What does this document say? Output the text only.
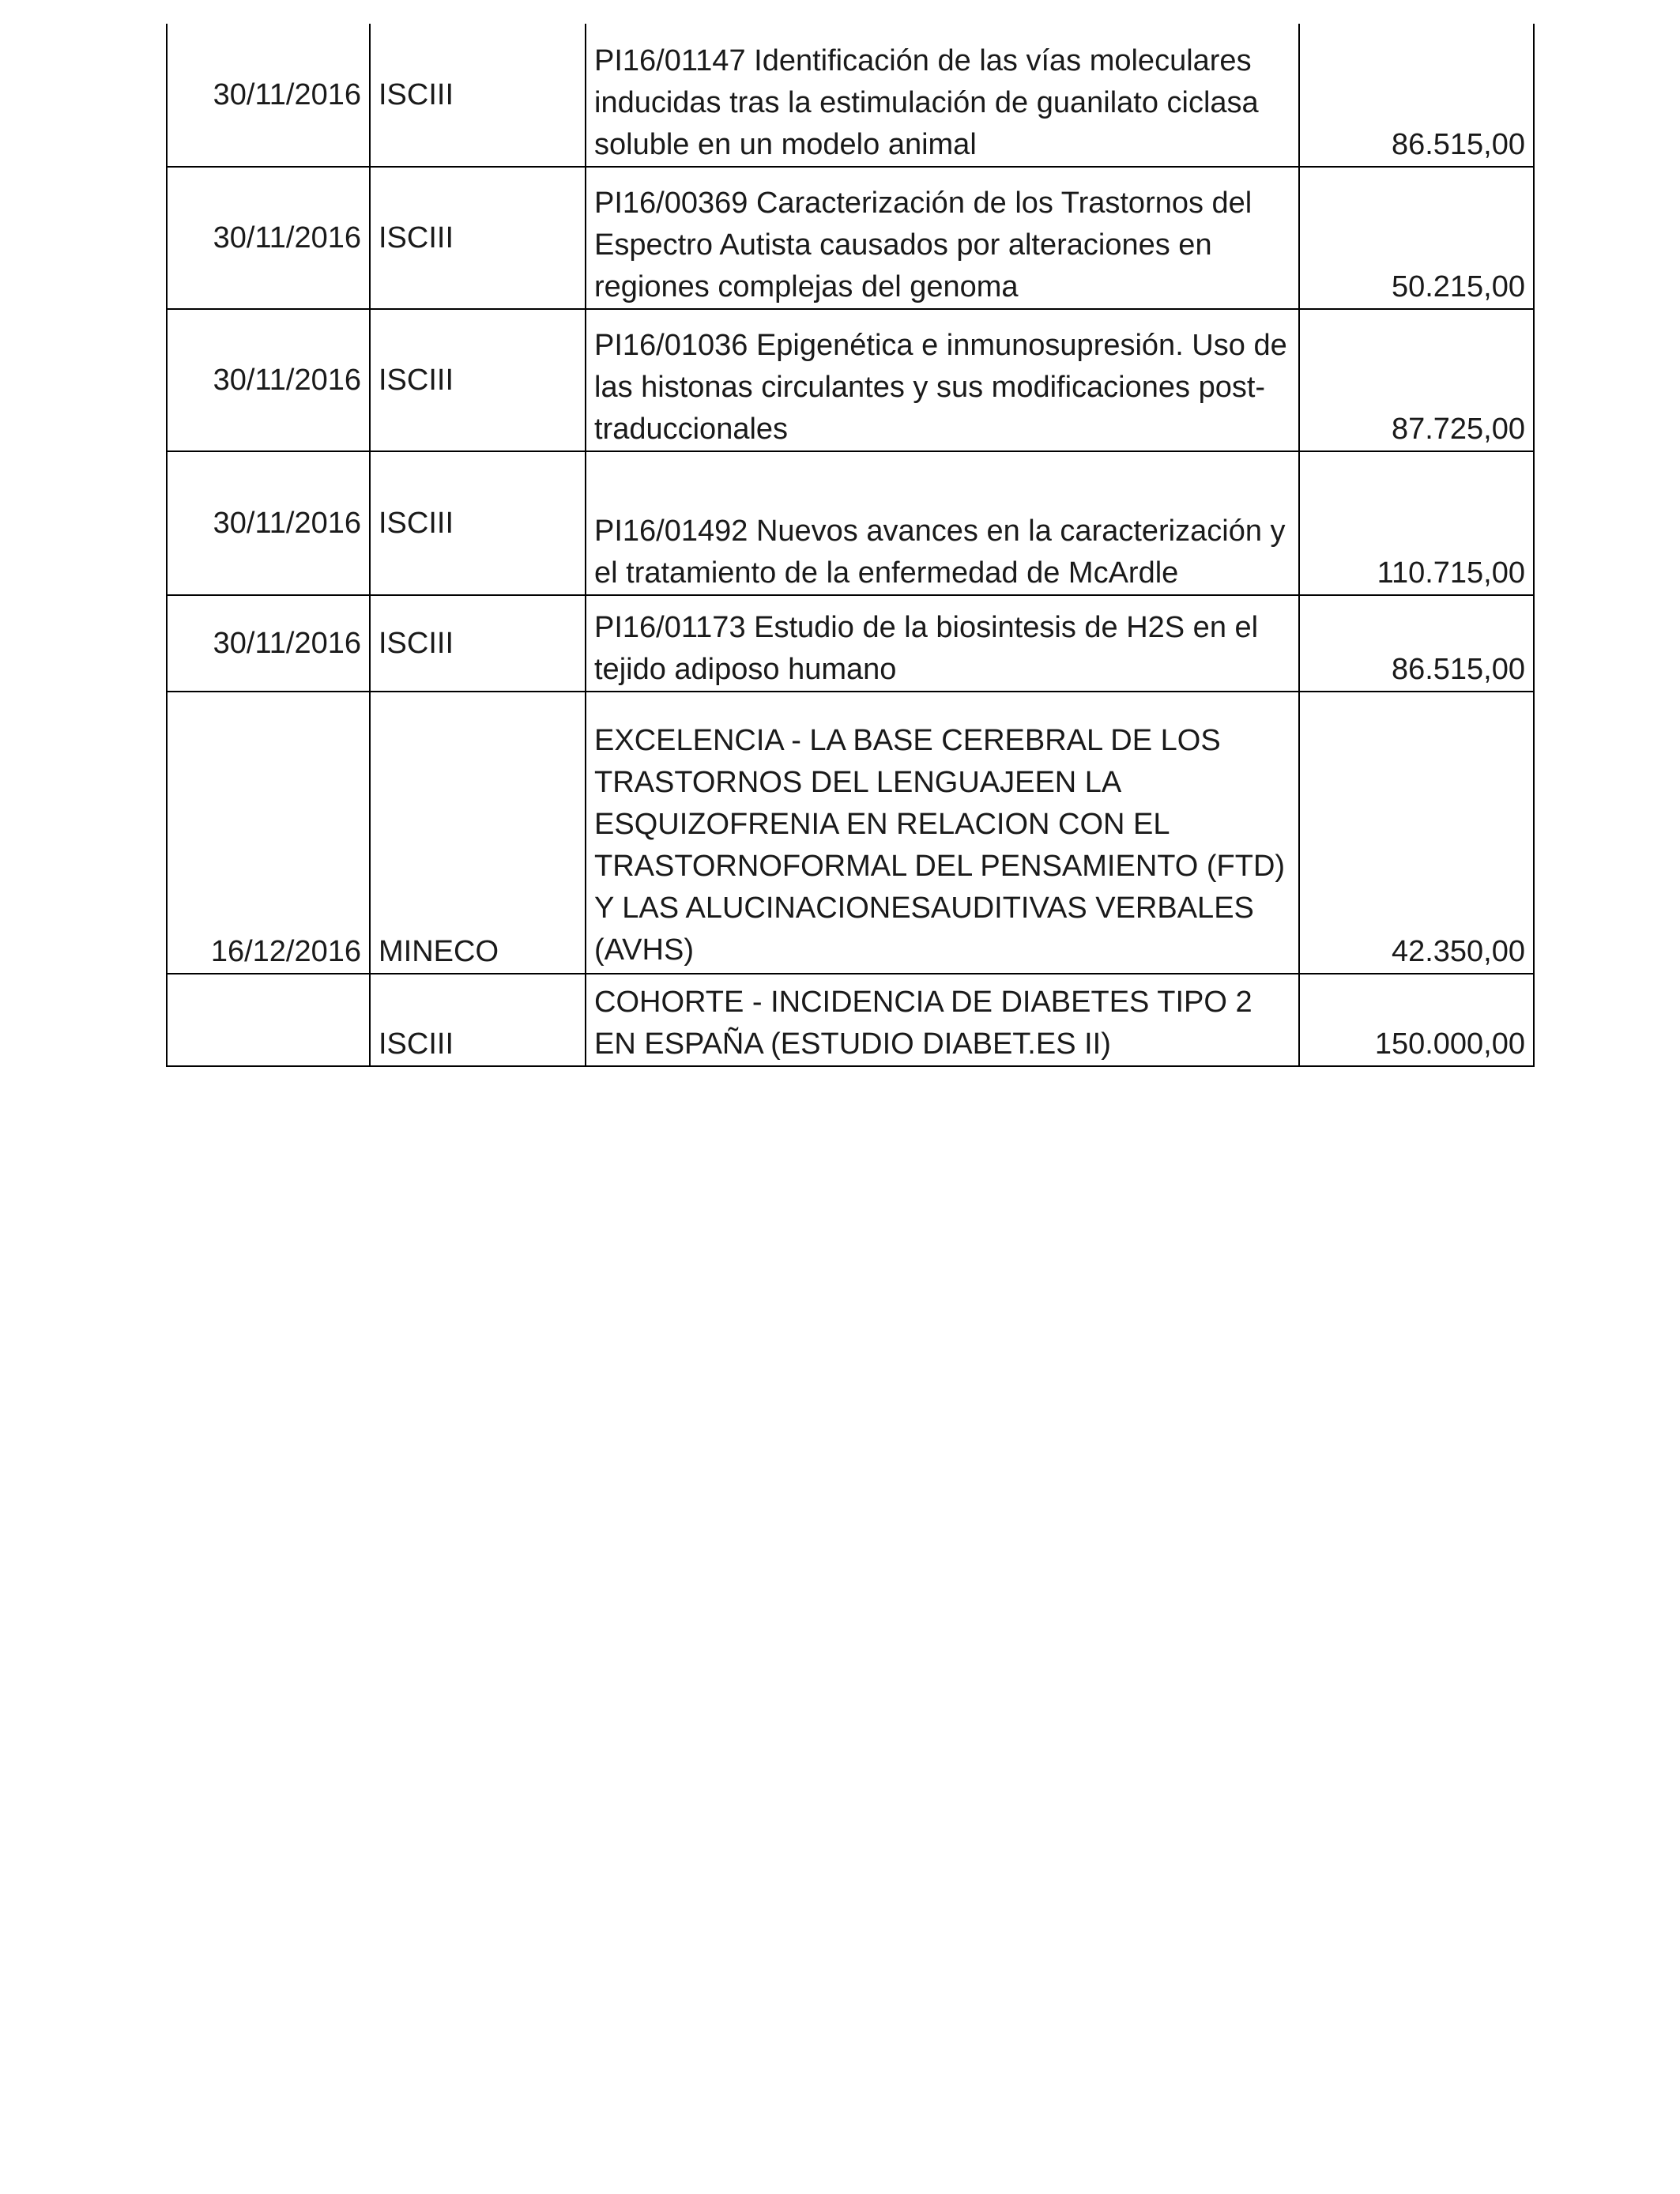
30/11/2016	ISCIII	PI16/01147 Identificación de las vías moleculares inducidas tras la estimulación de guanilato ciclasa soluble en un modelo animal	86.515,00
30/11/2016	ISCIII	PI16/00369 Caracterización de los Trastornos del Espectro Autista causados por alteraciones en regiones complejas del genoma	50.215,00
30/11/2016	ISCIII	PI16/01036 Epigenética e inmunosupresión. Uso de las histonas circulantes y sus modificaciones post-traduccionales	87.725,00
30/11/2016	ISCIII	PI16/01492 Nuevos avances en la caracterización y el tratamiento de la enfermedad de McArdle	110.715,00
30/11/2016	ISCIII	PI16/01173 Estudio de la biosintesis de H2S en el tejido adiposo humano	86.515,00
16/12/2016	MINECO	EXCELENCIA - LA BASE CEREBRAL DE LOS TRASTORNOS DEL LENGUAJEEN LA ESQUIZOFRENIA EN RELACION CON EL TRASTORNOFORMAL DEL PENSAMIENTO (FTD) Y LAS ALUCINACIONESAUDITIVAS VERBALES (AVHS)	42.350,00
	ISCIII	COHORTE - INCIDENCIA DE DIABETES TIPO 2 EN ESPAÑA (ESTUDIO DIABET.ES II)	150.000,00
